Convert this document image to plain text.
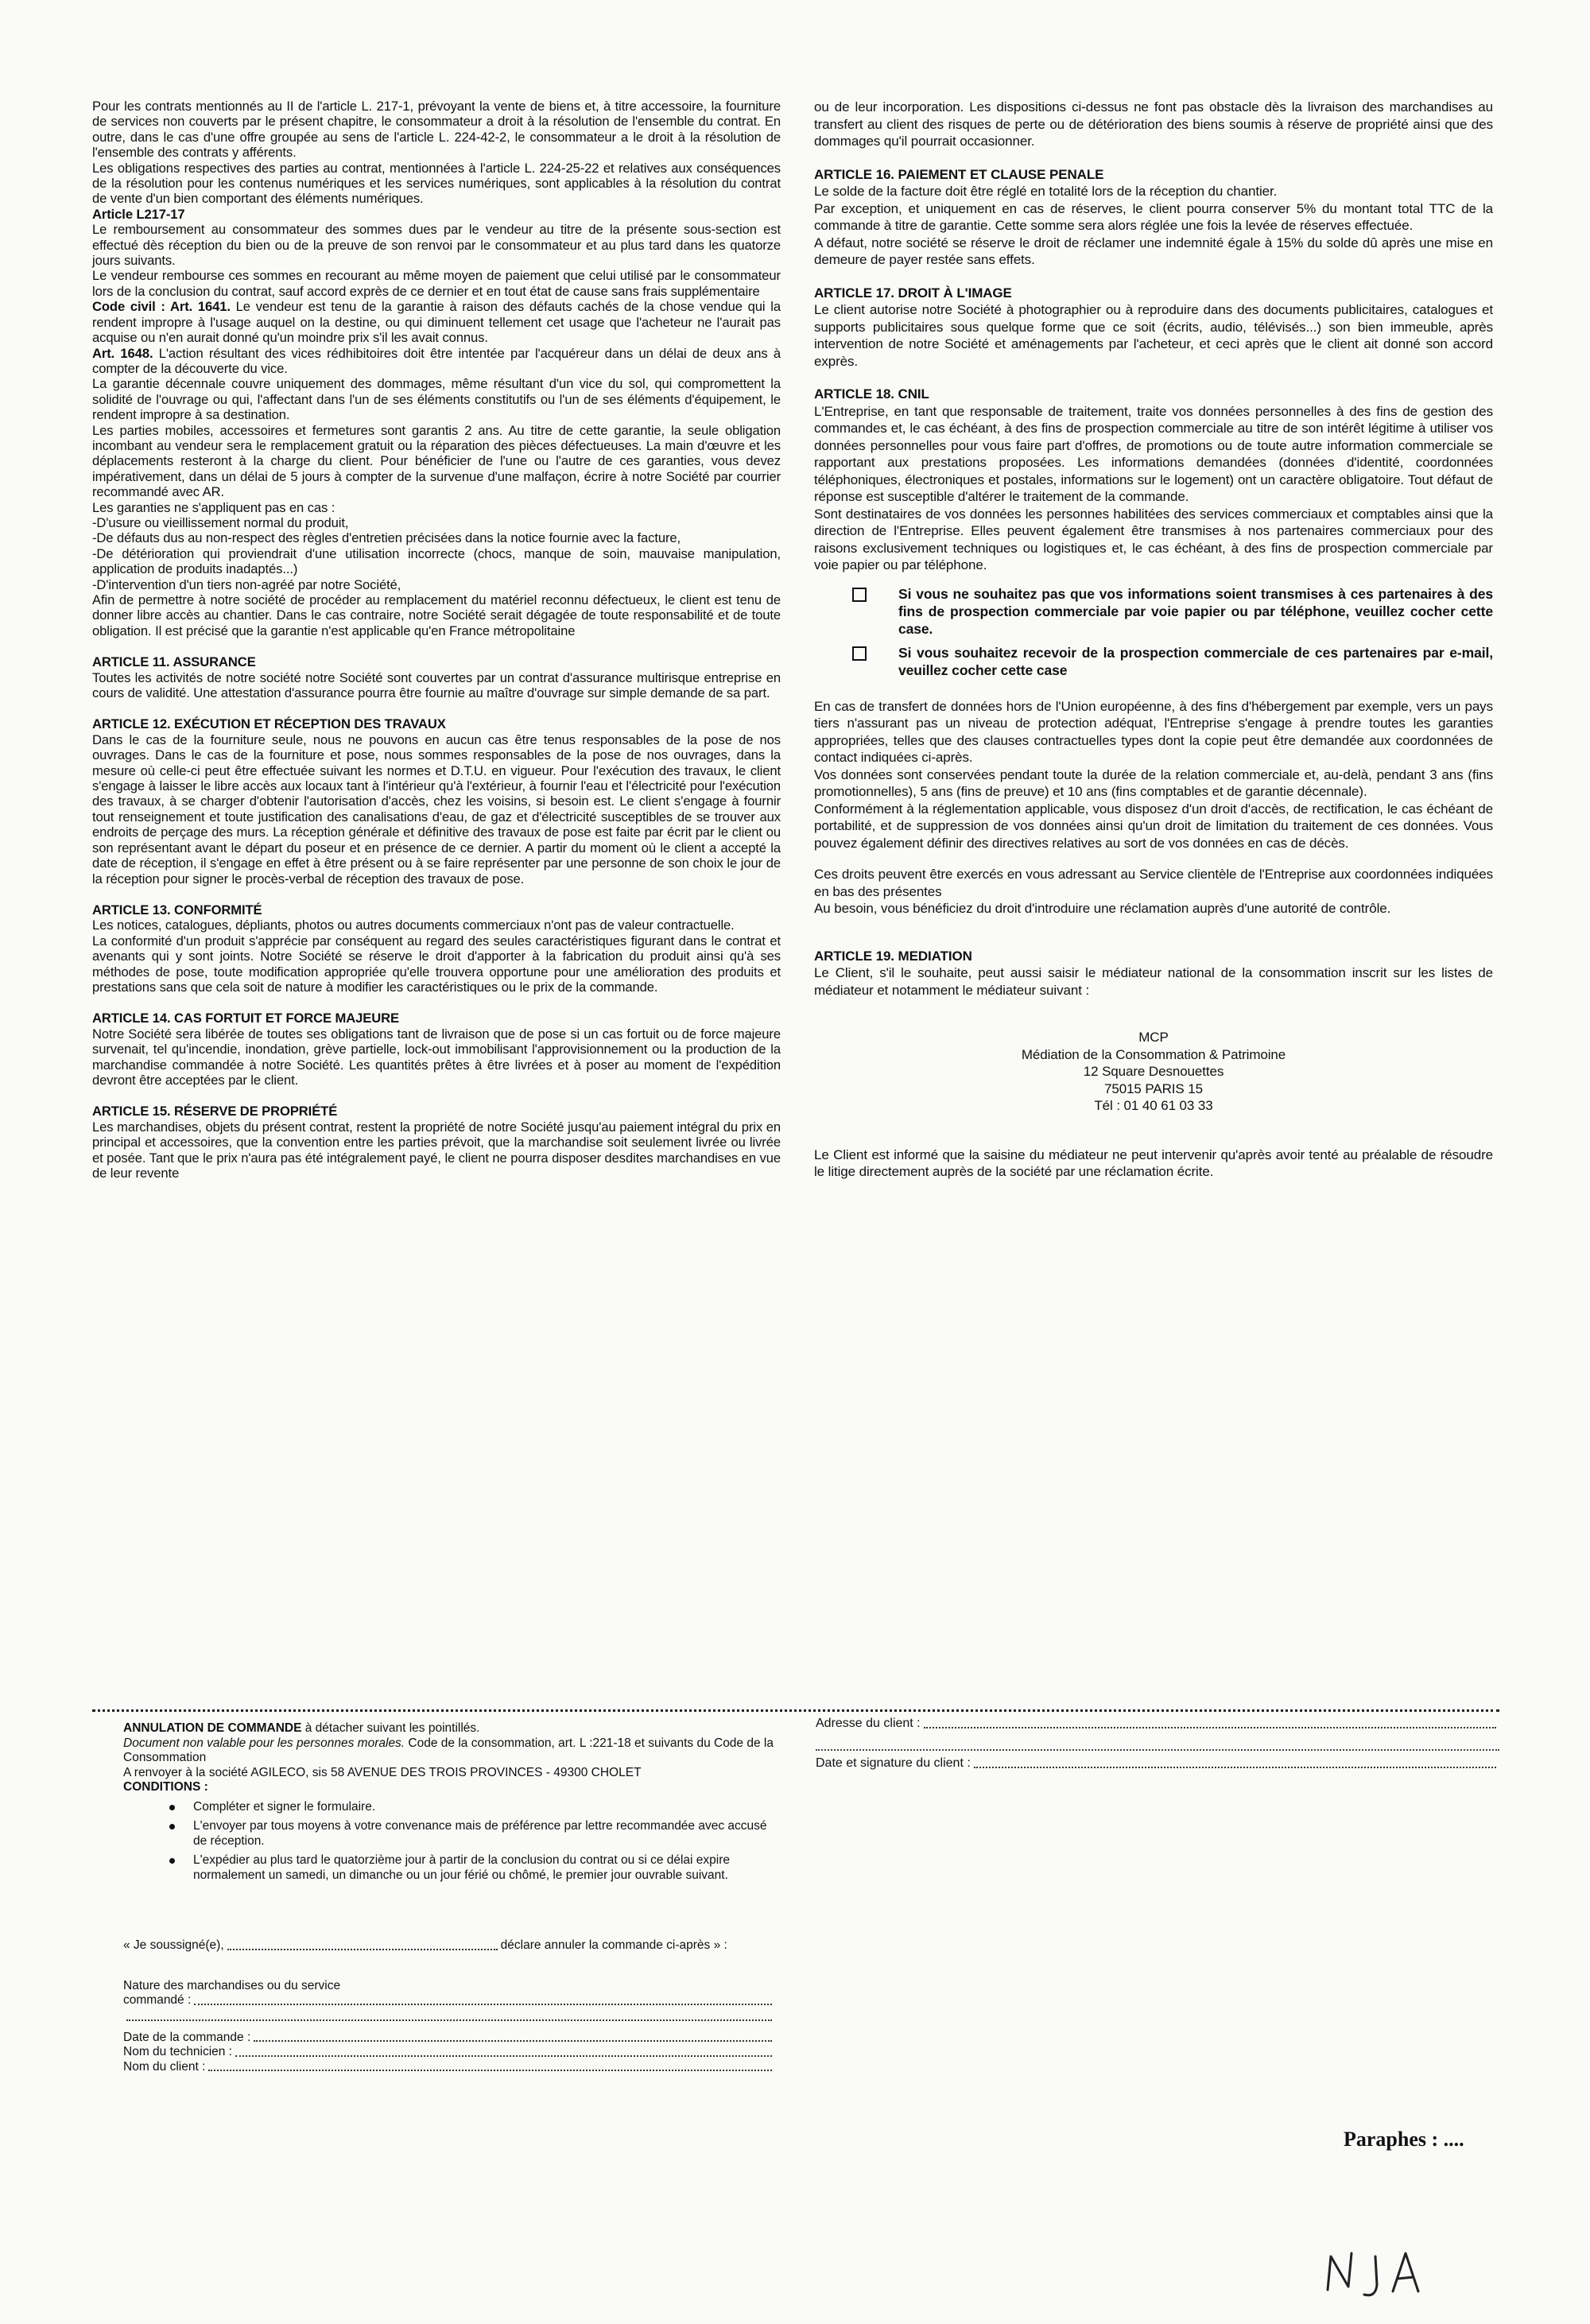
Pour les contrats mentionnés au II de l'article L. 217-1, prévoyant la vente de biens et, à titre accessoire, la fourniture de services non couverts par le présent chapitre, le consommateur a droit à la résolution de l'ensemble du contrat. En outre, dans le cas d'une offre groupée au sens de l'article L. 224-42-2, le consommateur a le droit à la résolution de l'ensemble des contrats y afférents.

Les obligations respectives des parties au contrat, mentionnées à l'article L. 224-25-22 et relatives aux conséquences de la résolution pour les contenus numériques et les services numériques, sont applicables à la résolution du contrat de vente d'un bien comportant des éléments numériques.

Article L217-17

Le remboursement au consommateur des sommes dues par le vendeur au titre de la présente sous-section est effectué dès réception du bien ou de la preuve de son renvoi par le consommateur et au plus tard dans les quatorze jours suivants.

Le vendeur rembourse ces sommes en recourant au même moyen de paiement que celui utilisé par le consommateur lors de la conclusion du contrat, sauf accord exprès de ce dernier et en tout état de cause sans frais supplémentaire

Code civil : Art. 1641. Le vendeur est tenu de la garantie à raison des défauts cachés de la chose vendue qui la rendent impropre à l'usage auquel on la destine, ou qui diminuent tellement cet usage que l'acheteur ne l'aurait pas acquise ou n'en aurait donné qu'un moindre prix s'il les avait connus.

Art. 1648. L'action résultant des vices rédhibitoires doit être intentée par l'acquéreur dans un délai de deux ans à compter de la découverte du vice.

La garantie décennale couvre uniquement des dommages, même résultant d'un vice du sol, qui compromettent la solidité de l'ouvrage ou qui, l'affectant dans l'un de ses éléments constitutifs ou l'un de ses éléments d'équipement, le rendent impropre à sa destination.

Les parties mobiles, accessoires et fermetures sont garantis 2 ans. Au titre de cette garantie, la seule obligation incombant au vendeur sera le remplacement gratuit ou la réparation des pièces défectueuses. La main d'œuvre et les déplacements resteront à la charge du client. Pour bénéficier de l'une ou l'autre de ces garanties, vous devez impérativement, dans un délai de 5 jours à compter de la survenue d'une malfaçon, écrire à notre Société par courrier recommandé avec AR.

Les garanties ne s'appliquent pas en cas :

-D'usure ou vieillissement normal du produit,

-De défauts dus au non-respect des règles d'entretien précisées dans la notice fournie avec la facture,

-De détérioration qui proviendrait d'une utilisation incorrecte (chocs, manque de soin, mauvaise manipulation,              application de produits inadaptés...)

-D'intervention d'un tiers non-agréé par notre Société,

Afin de permettre à notre société de procéder au remplacement du matériel reconnu défectueux, le client est tenu de donner libre accès au chantier. Dans le cas contraire, notre Société serait dégagée de toute responsabilité et de toute obligation. Il est précisé que la garantie n'est applicable qu'en France métropolitaine

ARTICLE 11. ASSURANCE

Toutes les activités de notre société notre Société sont couvertes par un contrat d'assurance multirisque entreprise en cours de validité. Une attestation d'assurance pourra être fournie au maître d'ouvrage sur simple demande de sa part.

ARTICLE 12. EXÉCUTION ET RÉCEPTION DES TRAVAUX

Dans le cas de la fourniture seule, nous ne pouvons en aucun cas être tenus responsables de la pose de nos ouvrages. Dans le cas de la fourniture et pose, nous sommes responsables de la pose de nos ouvrages, dans la mesure où celle-ci peut être effectuée suivant les normes et D.T.U. en vigueur. Pour l'exécution des travaux, le client s'engage à laisser le libre accès aux locaux tant à l'intérieur qu'à l'extérieur, à fournir l'eau et l'électricité pour l'exécution des travaux, à se charger d'obtenir l'autorisation d'accès, chez les voisins, si besoin est. Le client s'engage à fournir tout renseignement et toute justification des canalisations d'eau, de gaz et d'électricité susceptibles de se trouver aux endroits de perçage des murs. La réception générale et définitive des travaux de pose est faite par écrit par le client ou son représentant avant le départ du poseur et en présence de ce dernier. A partir du moment où le client a accepté la date de réception, il s'engage en effet à être présent ou à se faire représenter par une personne de son choix le jour de la réception pour signer le procès-verbal de réception des travaux de pose.

ARTICLE 13. CONFORMITÉ

Les notices, catalogues, dépliants, photos ou autres documents commerciaux n'ont pas de valeur contractuelle.

La conformité d'un produit s'apprécie par conséquent au regard des seules caractéristiques figurant dans le contrat et avenants qui y sont joints. Notre Société se réserve le droit d'apporter à la fabrication du produit ainsi qu'à ses méthodes de pose, toute modification appropriée qu'elle trouvera opportune pour une amélioration des produits et prestations sans que cela soit de nature à modifier les caractéristiques ou le prix de la commande.

ARTICLE 14. CAS FORTUIT ET FORCE MAJEURE

Notre Société sera libérée de toutes ses obligations tant de livraison que de pose si un cas fortuit ou de force majeure survenait, tel qu'incendie, inondation, grève partielle, lock-out immobilisant l'approvisionnement ou la production de la marchandise commandée à notre Société. Les quantités prêtes à être livrées et à poser au moment de l'expédition devront être acceptées par le client.

ARTICLE 15. RÉSERVE DE PROPRIÉTÉ

Les marchandises, objets du présent contrat, restent la propriété de notre Société jusqu'au paiement intégral du prix en principal et accessoires, que la convention entre les parties prévoit, que la marchandise soit seulement livrée ou livrée et posée. Tant que le prix n'aura pas été intégralement payé, le client ne pourra disposer desdites marchandises en vue de leur revente

ou de leur incorporation. Les dispositions ci-dessus ne font pas obstacle dès la livraison des marchandises au transfert au client des risques de perte ou de détérioration des biens soumis à réserve de propriété ainsi que des dommages qu'il pourrait occasionner.

ARTICLE 16. PAIEMENT ET CLAUSE PENALE

Le solde de la facture doit être réglé en totalité lors de la réception du chantier.

Par exception, et uniquement en cas de réserves, le client pourra conserver 5% du montant total TTC de la commande à titre de garantie. Cette somme sera alors réglée une fois la levée de réserves effectuée.

A défaut, notre société se réserve le droit de réclamer une indemnité égale à 15% du solde dû après une mise en demeure de payer restée sans effets.

ARTICLE 17. DROIT À L'IMAGE

Le client autorise notre Société à photographier ou à reproduire dans des documents publicitaires, catalogues et supports publicitaires sous quelque forme que ce soit (écrits, audio, télévisés...) son bien immeuble, après intervention de notre Société et aménagements par l'acheteur, et ceci après que le client ait donné son accord exprès.

ARTICLE 18. CNIL

L'Entreprise, en tant que responsable de traitement, traite vos données personnelles à des fins de gestion des commandes et, le cas échéant, à des fins de prospection commerciale au titre de son intérêt légitime à utiliser vos données personnelles pour vous faire part d'offres, de promotions ou de toute autre information commerciale se rapportant aux prestations proposées. Les informations demandées (données d'identité, coordonnées téléphoniques, électroniques et postales, informations sur le logement) ont un caractère obligatoire. Tout défaut de réponse est susceptible d'altérer le traitement de la commande.

Sont destinataires de vos données les personnes habilitées des services commerciaux et comptables ainsi que la direction de l'Entreprise. Elles peuvent également être transmises à nos partenaires commerciaux pour des raisons exclusivement techniques ou logistiques et, le cas échéant, à des fins de prospection commerciale par voie papier ou par téléphone.

Si vous ne souhaitez pas que vos informations soient transmises à ces partenaires à des fins de prospection commerciale par voie papier ou par téléphone, veuillez cocher cette case.
Si vous souhaitez recevoir de la prospection commerciale de ces partenaires par e-mail, veuillez cocher cette case

En cas de transfert de données hors de l'Union européenne, à des fins d'hébergement par exemple, vers un pays tiers n'assurant pas un niveau de protection adéquat, l'Entreprise s'engage à prendre toutes les garanties appropriées, telles que des clauses contractuelles types dont la copie peut être demandée aux coordonnées de contact indiquées ci-après.

Vos données sont conservées pendant toute la durée de la relation commerciale et, au-delà, pendant 3 ans (fins promotionnelles), 5 ans (fins de preuve) et 10 ans (fins comptables et de garantie décennale).

Conformément à la réglementation applicable, vous disposez d'un droit d'accès, de rectification, le cas échéant de portabilité, et de suppression de vos données ainsi qu'un droit de limitation du traitement de ces données. Vous pouvez également définir des directives relatives au sort de vos données en cas de décès.

Ces droits peuvent être exercés en vous adressant au Service clientèle de l'Entreprise aux coordonnées indiquées en bas des présentes

Au besoin, vous bénéficiez du droit d'introduire une réclamation auprès d'une autorité de contrôle.

ARTICLE 19. MEDIATION

Le Client, s'il le souhaite, peut aussi saisir le médiateur national de la consommation inscrit sur les listes de médiateur et notamment le médiateur suivant :

MCP
Médiation de la Consommation & Patrimoine
12 Square Desnouettes
75015 PARIS 15
Tél : 01 40 61 03 33

Le Client est informé que la saisine du médiateur ne peut intervenir qu'après avoir tenté au préalable de résoudre le litige directement auprès de la société par une réclamation écrite.

ANNULATION DE COMMANDE à détacher suivant les pointillés.

Document non valable pour les personnes morales. Code de la consommation, art. L :221-18 et suivants du Code de la Consommation

A renvoyer à la société AGILECO, sis 58 AVENUE DES TROIS PROVINCES - 49300 CHOLET

CONDITIONS :

Compléter et signer le formulaire.
L'envoyer par tous moyens à votre convenance mais de préférence par lettre recommandée avec accusé de réception.
L'expédier au plus tard le quatorzième jour à partir de la conclusion du contrat ou si ce délai expire normalement un samedi, un dimanche ou un jour férié ou chômé, le premier jour ouvrable suivant.
« Je soussigné(e),	déclare annuler la commande ci-après » :

Nature des marchandises ou du service

commandé :
Date de la commande :
Nom du technicien :
Nom du client :
Adresse du client :
Date et signature du client :
Paraphes : ....
